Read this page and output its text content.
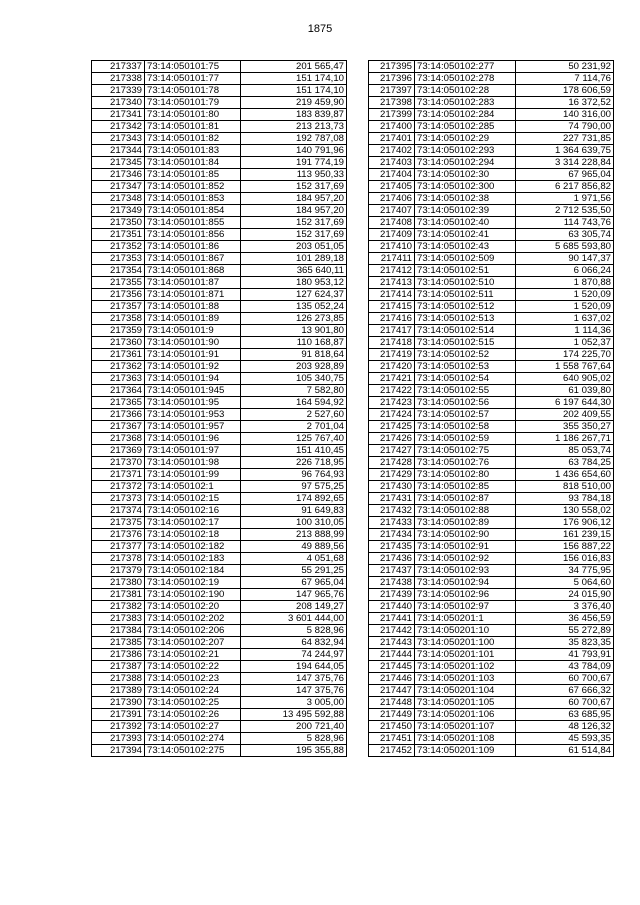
1875
217337	73:14:050101:75	201 565,47
217338	73:14:050101:77	151 174,10
217339	73:14:050101:78	151 174,10
217340	73:14:050101:79	219 459,90
217341	73:14:050101:80	183 839,87
217342	73:14:050101:81	213 213,73
217343	73:14:050101:82	192 787,08
217344	73:14:050101:83	140 791,96
217345	73:14:050101:84	191 774,19
217346	73:14:050101:85	113 950,33
217347	73:14:050101:852	152 317,69
217348	73:14:050101:853	184 957,20
217349	73:14:050101:854	184 957,20
217350	73:14:050101:855	152 317,69
217351	73:14:050101:856	152 317,69
217352	73:14:050101:86	203 051,05
217353	73:14:050101:867	101 289,18
217354	73:14:050101:868	365 640,11
217355	73:14:050101:87	180 953,12
217356	73:14:050101:871	127 624,37
217357	73:14:050101:88	135 052,24
217358	73:14:050101:89	126 273,85
217359	73:14:050101:9	13 901,80
217360	73:14:050101:90	110 168,87
217361	73:14:050101:91	91 818,64
217362	73:14:050101:92	203 928,89
217363	73:14:050101:94	105 340,75
217364	73:14:050101:945	7 582,80
217365	73:14:050101:95	164 594,92
217366	73:14:050101:953	2 527,60
217367	73:14:050101:957	2 701,04
217368	73:14:050101:96	125 767,40
217369	73:14:050101:97	151 410,45
217370	73:14:050101:98	226 718,95
217371	73:14:050101:99	96 764,93
217372	73:14:050102:1	97 575,25
217373	73:14:050102:15	174 892,65
217374	73:14:050102:16	91 649,83
217375	73:14:050102:17	100 310,05
217376	73:14:050102:18	213 888,99
217377	73:14:050102:182	49 889,56
217378	73:14:050102:183	4 051,68
217379	73:14:050102:184	55 291,25
217380	73:14:050102:19	67 965,04
217381	73:14:050102:190	147 965,76
217382	73:14:050102:20	208 149,27
217383	73:14:050102:202	3 601 444,00
217384	73:14:050102:206	5 828,96
217385	73:14:050102:207	64 832,94
217386	73:14:050102:21	74 244,97
217387	73:14:050102:22	194 644,05
217388	73:14:050102:23	147 375,76
217389	73:14:050102:24	147 375,76
217390	73:14:050102:25	3 005,00
217391	73:14:050102:26	13 495 592,88
217392	73:14:050102:27	200 721,40
217393	73:14:050102:274	5 828,96
217394	73:14:050102:275	195 355,88
217395	73:14:050102:277	50 231,92
217396	73:14:050102:278	7 114,76
217397	73:14:050102:28	178 606,59
217398	73:14:050102:283	16 372,52
217399	73:14:050102:284	140 316,00
217400	73:14:050102:285	74 790,00
217401	73:14:050102:29	227 731,85
217402	73:14:050102:293	1 364 639,75
217403	73:14:050102:294	3 314 228,84
217404	73:14:050102:30	67 965,04
217405	73:14:050102:300	6 217 856,82
217406	73:14:050102:38	1 971,56
217407	73:14:050102:39	2 712 535,50
217408	73:14:050102:40	114 743,76
217409	73:14:050102:41	63 305,74
217410	73:14:050102:43	5 685 593,80
217411	73:14:050102:509	90 147,37
217412	73:14:050102:51	6 066,24
217413	73:14:050102:510	1 870,88
217414	73:14:050102:511	1 520,09
217415	73:14:050102:512	1 520,09
217416	73:14:050102:513	1 637,02
217417	73:14:050102:514	1 114,36
217418	73:14:050102:515	1 052,37
217419	73:14:050102:52	174 225,70
217420	73:14:050102:53	1 558 767,64
217421	73:14:050102:54	640 905,02
217422	73:14:050102:55	61 039,80
217423	73:14:050102:56	6 197 644,30
217424	73:14:050102:57	202 409,55
217425	73:14:050102:58	355 350,27
217426	73:14:050102:59	1 186 267,71
217427	73:14:050102:75	85 053,74
217428	73:14:050102:76	63 784,25
217429	73:14:050102:80	1 436 654,60
217430	73:14:050102:85	818 510,00
217431	73:14:050102:87	93 784,18
217432	73:14:050102:88	130 558,02
217433	73:14:050102:89	176 906,12
217434	73:14:050102:90	161 239,15
217435	73:14:050102:91	156 887,22
217436	73:14:050102:92	156 016,83
217437	73:14:050102:93	34 775,95
217438	73:14:050102:94	5 064,60
217439	73:14:050102:96	24 015,90
217440	73:14:050102:97	3 376,40
217441	73:14:050201:1	36 456,59
217442	73:14:050201:10	55 272,89
217443	73:14:050201:100	35 823,35
217444	73:14:050201:101	41 793,91
217445	73:14:050201:102	43 784,09
217446	73:14:050201:103	60 700,67
217447	73:14:050201:104	67 666,32
217448	73:14:050201:105	60 700,67
217449	73:14:050201:106	63 685,95
217450	73:14:050201:107	48 126,32
217451	73:14:050201:108	45 593,35
217452	73:14:050201:109	61 514,84
